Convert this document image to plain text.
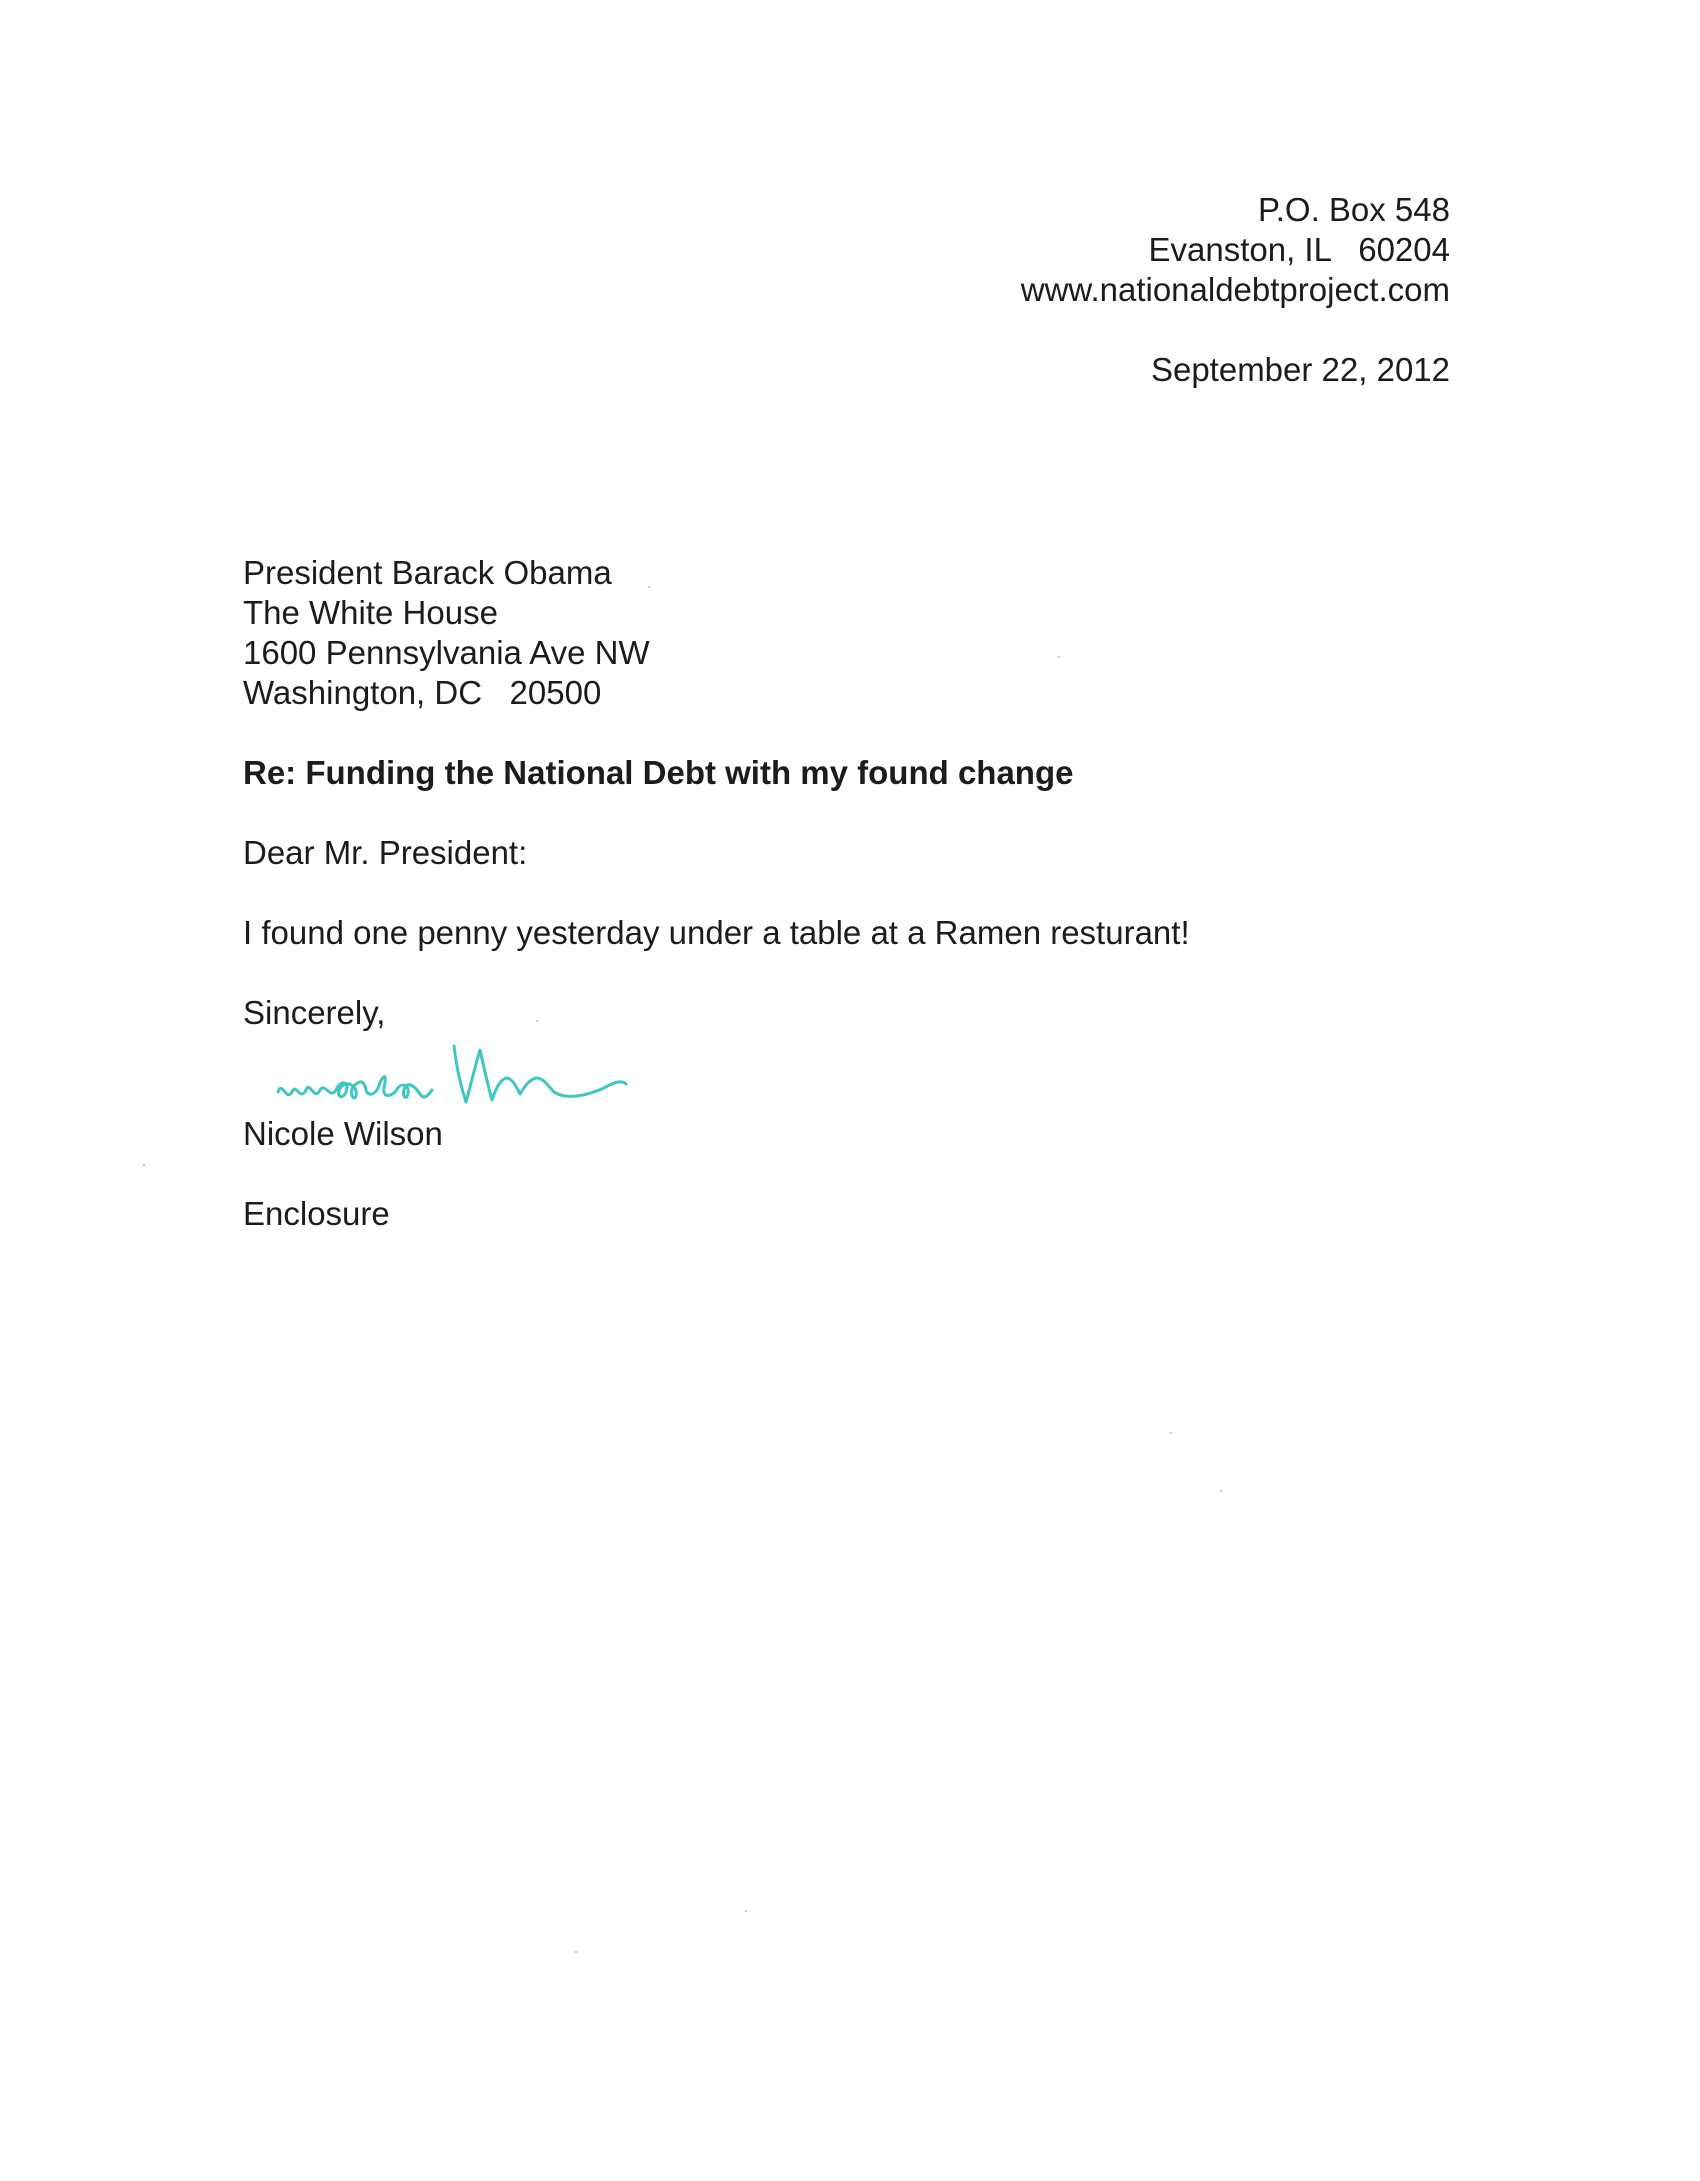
P.O. Box 548
Evanston, IL   60204
www.nationaldebtproject.com
September 22, 2012
President Barack Obama
The White House
1600 Pennsylvania Ave NW
Washington, DC   20500
Re: Funding the National Debt with my found change
Dear Mr. President:
I found one penny yesterday under a table at a Ramen resturant!
Sincerely,
Nicole Wilson
Enclosure
